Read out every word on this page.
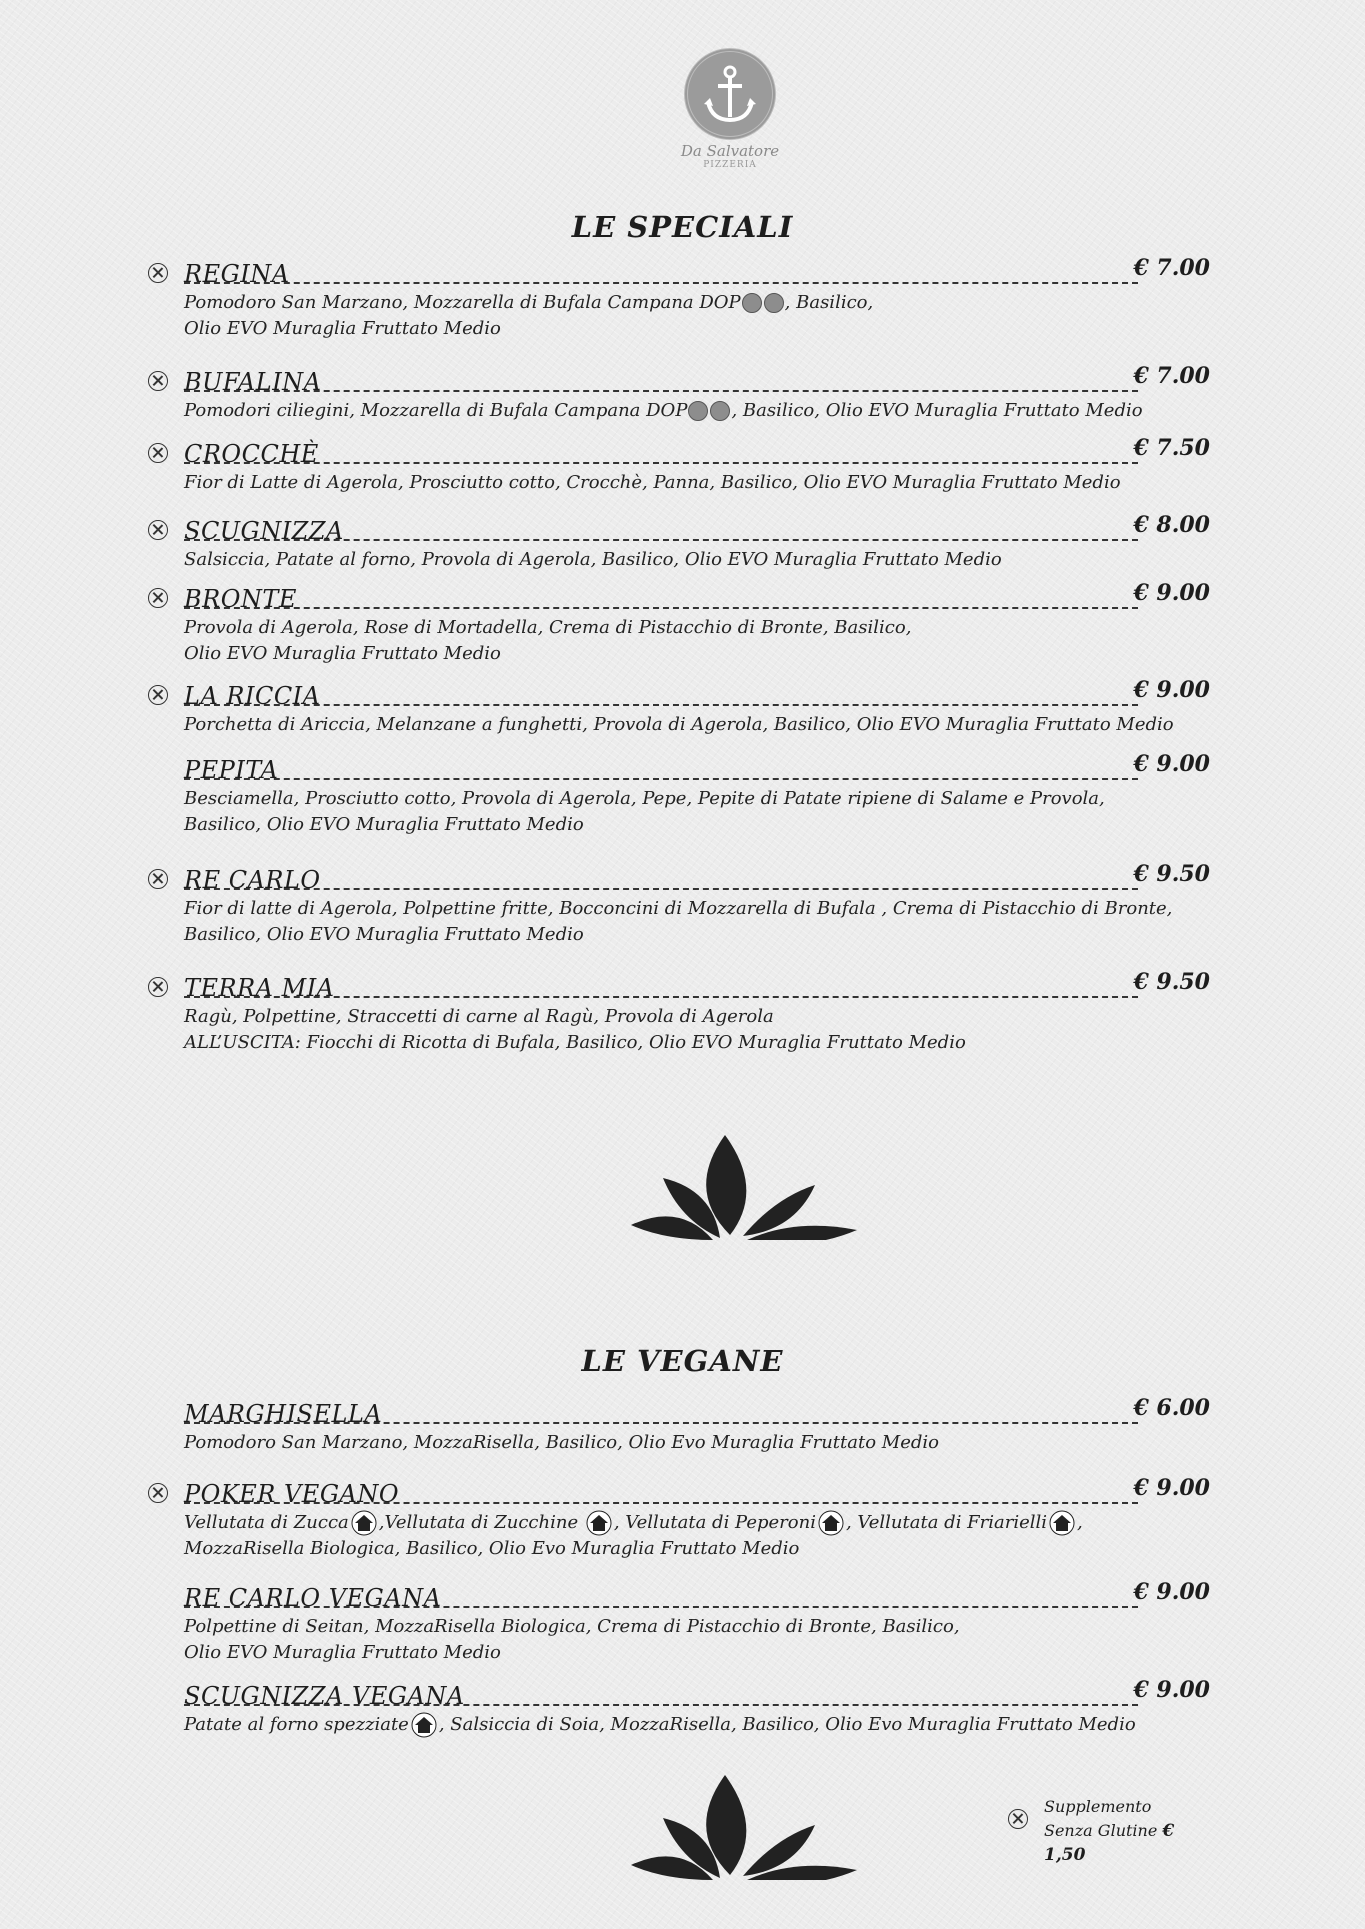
Da Salvatore
PIZZERIA
LE SPECIALI
REGINA	€ 7.00
Pomodoro San Marzano, Mozzarella di Bufala Campana DOP , Basilico,
Olio EVO Muraglia Fruttato Medio
BUFALINA	€ 7.00
Pomodori ciliegini, Mozzarella di Bufala Campana DOP , Basilico, Olio EVO Muraglia Fruttato Medio
CROCCHÈ	€ 7.50
Fior di Latte di Agerola, Prosciutto cotto, Crocchè, Panna, Basilico, Olio EVO Muraglia Fruttato Medio
SCUGNIZZA	€ 8.00
Salsiccia, Patate al forno, Provola di Agerola, Basilico, Olio EVO Muraglia Fruttato Medio
BRONTE	€ 9.00
Provola di Agerola, Rose di Mortadella, Crema di Pistacchio di Bronte, Basilico,
Olio EVO Muraglia Fruttato Medio
LA RICCIA	€ 9.00
Porchetta di Ariccia, Melanzane a funghetti, Provola di Agerola, Basilico, Olio EVO Muraglia Fruttato Medio
PEPITA	€ 9.00
Besciamella, Prosciutto cotto, Provola di Agerola, Pepe, Pepite di Patate ripiene di Salame e Provola,
Basilico, Olio EVO Muraglia Fruttato Medio
RE CARLO	€ 9.50
Fior di latte di Agerola, Polpettine fritte, Bocconcini di Mozzarella di Bufala , Crema di Pistacchio di Bronte,
Basilico, Olio EVO Muraglia Fruttato Medio
TERRA MIA	€ 9.50
Ragù, Polpettine, Straccetti di carne al Ragù, Provola di Agerola
ALL’USCITA: Fiocchi di Ricotta di Bufala, Basilico, Olio EVO Muraglia Fruttato Medio
LE VEGANE
MARGHISELLA	€ 6.00
Pomodoro San Marzano, MozzaRisella, Basilico, Olio Evo Muraglia Fruttato Medio
POKER VEGANO	€ 9.00
Vellutata di Zucca ,Vellutata di Zucchine , Vellutata di Peperoni , Vellutata di Friarielli ,
MozzaRisella Biologica, Basilico, Olio Evo Muraglia Fruttato Medio
RE CARLO VEGANA	€ 9.00
Polpettine di Seitan, MozzaRisella Biologica, Crema di Pistacchio di Bronte, Basilico,
Olio EVO Muraglia Fruttato Medio
SCUGNIZZA VEGANA	€ 9.00
Patate al forno spezziate , Salsiccia di Soia, MozzaRisella, Basilico, Olio Evo Muraglia Fruttato Medio
Supplemento
Senza Glutine € 1,50
